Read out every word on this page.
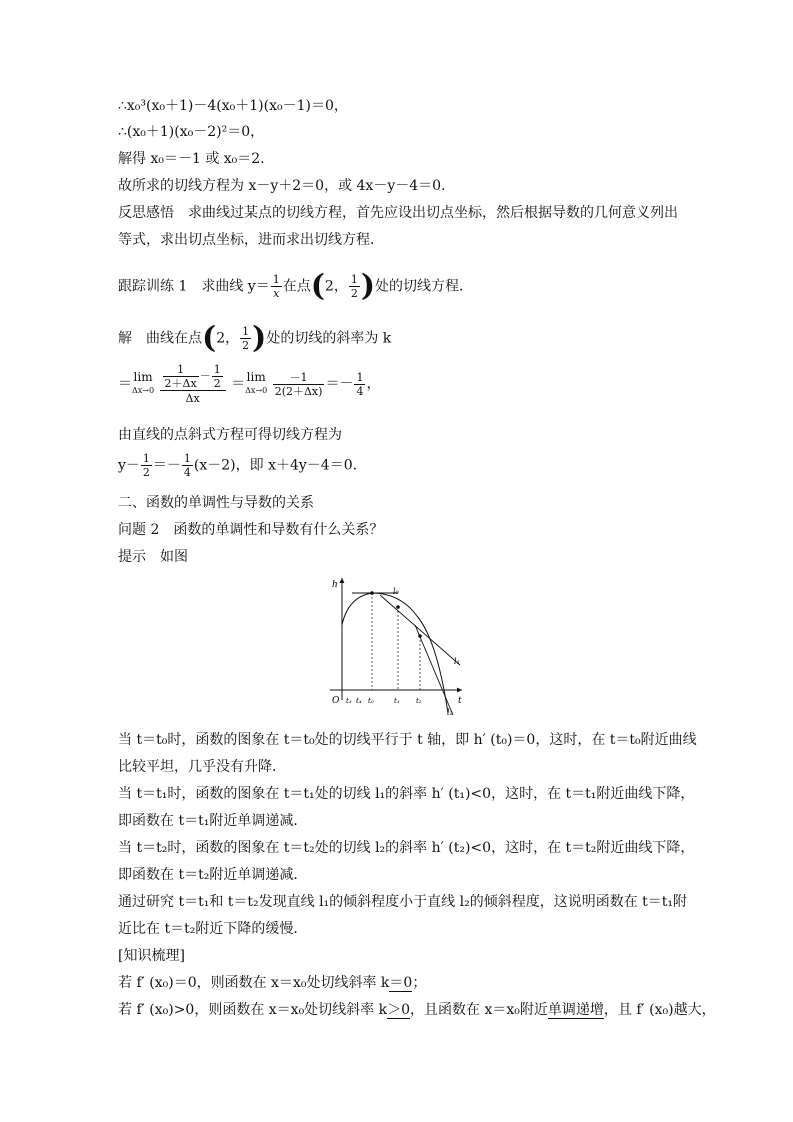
∴x₀³(x₀＋1)－4(x₀＋1)(x₀－1)＝0，
∴(x₀＋1)(x₀－2)²＝0，
解得 x₀＝－1 或 x₀＝2.
故所求的切线方程为 x－y＋2＝0，或 4x－y－4＝0.
反思感悟　求曲线过某点的切线方程，首先应设出切点坐标，然后根据导数的几何意义列出
等式，求出切点坐标，进而求出切线方程．
跟踪训练 1　求曲线 $y= \frac{1}{x}$ 在点(2， $\frac{1}{2}$ )处的切线方程．
解　曲线在点(2， $\frac{1}{2}$ )处的切线的斜率为 k
＝ lim
Δx→0
$\frac{\frac{1}{2+\Delta x} - \frac{1}{2}}{\Delta x} = \lim$
Δx→0
$\frac{-1}{2(2+\Delta x)} =- \frac{1}{4}$ ，
由直线的点斜式方程可得切线方程为
$y- \frac{1}{2} =- \frac{1}{4} (x-2)$，即 x＋4y－4＝0.
二、函数的单调性与导数的关系
问题 2　函数的单调性和导数有什么关系？
提示　如图
h
t
O t₃ t₄ t₀	t₁ t₂
l₀
l₁
l₂
当 t＝t₀时，函数的图象在 t＝t₀处的切线平行于 t 轴，即 h′ (t₀)＝0，这时，在 t＝t₀附近曲线
比较平坦，几乎没有升降．
当 t＝t₁时，函数的图象在 t＝t₁处的切线 l₁的斜率 h′ (t₁)<0，这时，在 t＝t₁附近曲线下降，
即函数在 t＝t₁附近单调递减．
当 t＝t₂时，函数的图象在 t＝t₂处的切线 l₂的斜率 h′ (t₂)<0，这时，在 t＝t₂附近曲线下降，
即函数在 t＝t₂附近单调递减．
通过研究 t＝t₁和 t＝t₂发现直线 l₁的倾斜程度小于直线 l₂的倾斜程度，这说明函数在 t＝t₁附
近比在 t＝t₂附近下降的缓慢．
[知识梳理]
若 f′ (x₀)＝0，则函数在 x＝x₀处切线斜率 k＝0；
若 f′ (x₀)>0，则函数在 x＝x₀处切线斜率 k＞0，且函数在 x＝x₀附近单调递增，且 f′ (x₀)越大，
